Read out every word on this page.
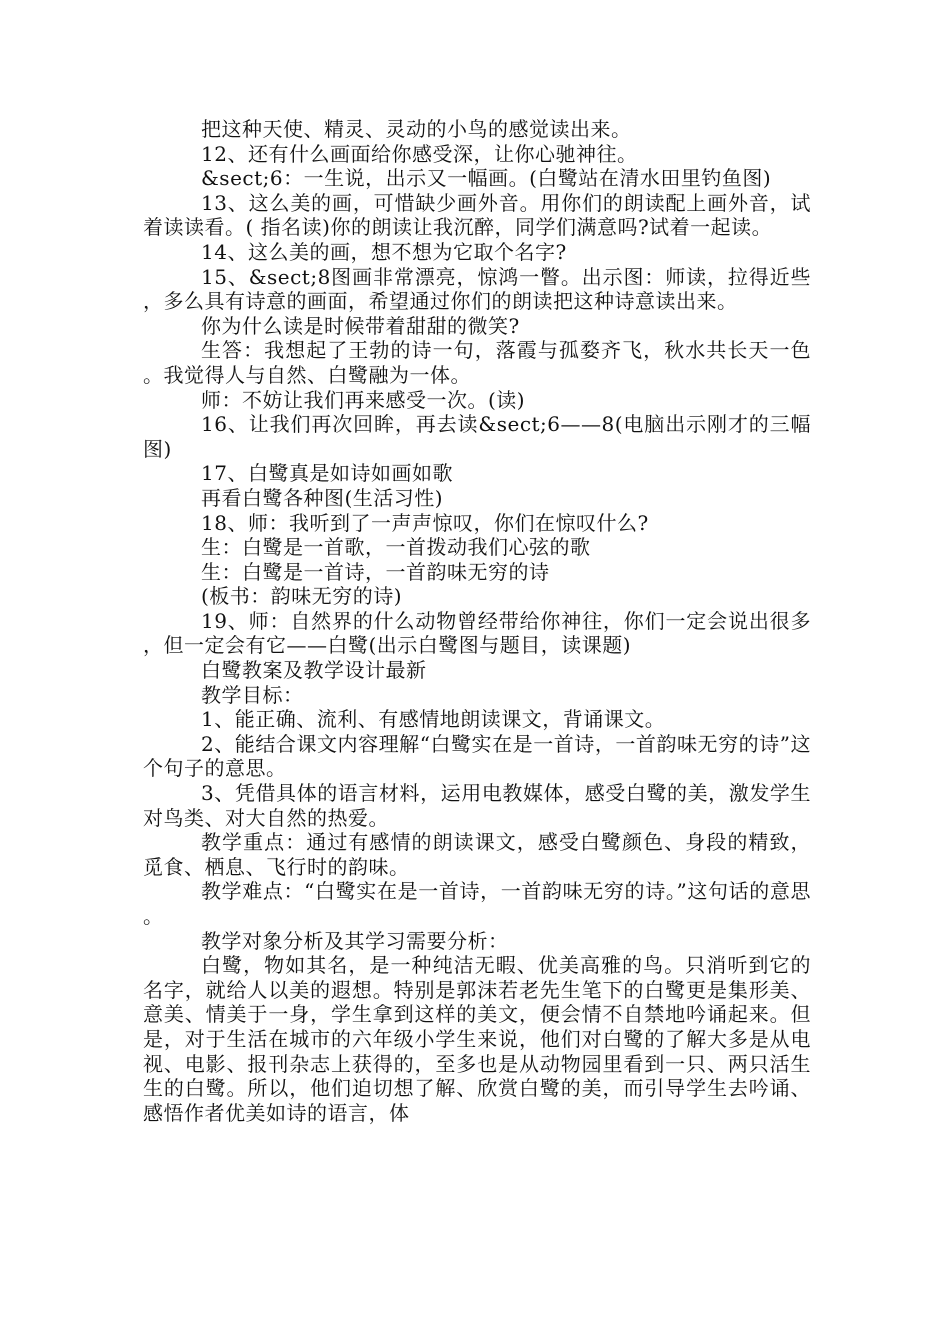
把这种天使、精灵、灵动的小鸟的感觉读出来。

12、还有什么画面给你感受深，让你心驰神往。

&sect;6：一生说，出示又一幅画。(白鹭站在清水田里钓鱼图)

13、这么美的画，可惜缺少画外音。用你们的朗读配上画外音，试着读读看。( 指名读)你的朗读让我沉醉，同学们满意吗?试着一起读。

14、这么美的画，想不想为它取个名字?

15、&sect;8图画非常漂亮，惊鸿一瞥。出示图：师读，拉得近些，多么具有诗意的画面，希望通过你们的朗读把这种诗意读出来。

你为什么读是时候带着甜甜的微笑?

生答：我想起了王勃的诗一句，落霞与孤婺齐飞，秋水共长天一色。我觉得人与自然、白鹭融为一体。

师：不妨让我们再来感受一次。(读)

16、让我们再次回眸，再去读&sect;6——8(电脑出示刚才的三幅图)

17、白鹭真是如诗如画如歌

再看白鹭各种图(生活习性)

18、师：我听到了一声声惊叹，你们在惊叹什么?

生：白鹭是一首歌，一首拨动我们心弦的歌

生：白鹭是一首诗，一首韵味无穷的诗

(板书：韵味无穷的诗)

19、师：自然界的什么动物曾经带给你神往，你们一定会说出很多，但一定会有它——白鹭(出示白鹭图与题目，读课题)

白鹭教案及教学设计最新

教学目标：

1、能正确、流利、有感情地朗读课文，背诵课文。

2、能结合课文内容理解“白鹭实在是一首诗，一首韵味无穷的诗”这个句子的意思。

3、凭借具体的语言材料，运用电教媒体，感受白鹭的美，激发学生对鸟类、对大自然的热爱。

教学重点：通过有感情的朗读课文，感受白鹭颜色、身段的精致，觅食、栖息、飞行时的韵味。

教学难点：“白鹭实在是一首诗，一首韵味无穷的诗。”这句话的意思。

教学对象分析及其学习需要分析：

白鹭，物如其名，是一种纯洁无暇、优美高雅的鸟。只消听到它的名字，就给人以美的遐想。特别是郭沫若老先生笔下的白鹭更是集形美、意美、情美于一身，学生拿到这样的美文，便会情不自禁地吟诵起来。但是，对于生活在城市的六年级小学生来说，他们对白鹭的了解大多是从电视、电影、报刊杂志上获得的，至多也是从动物园里看到一只、两只活生生的白鹭。所以，他们迫切想了解、欣赏白鹭的美，而引导学生去吟诵、感悟作者优美如诗的语言，体
